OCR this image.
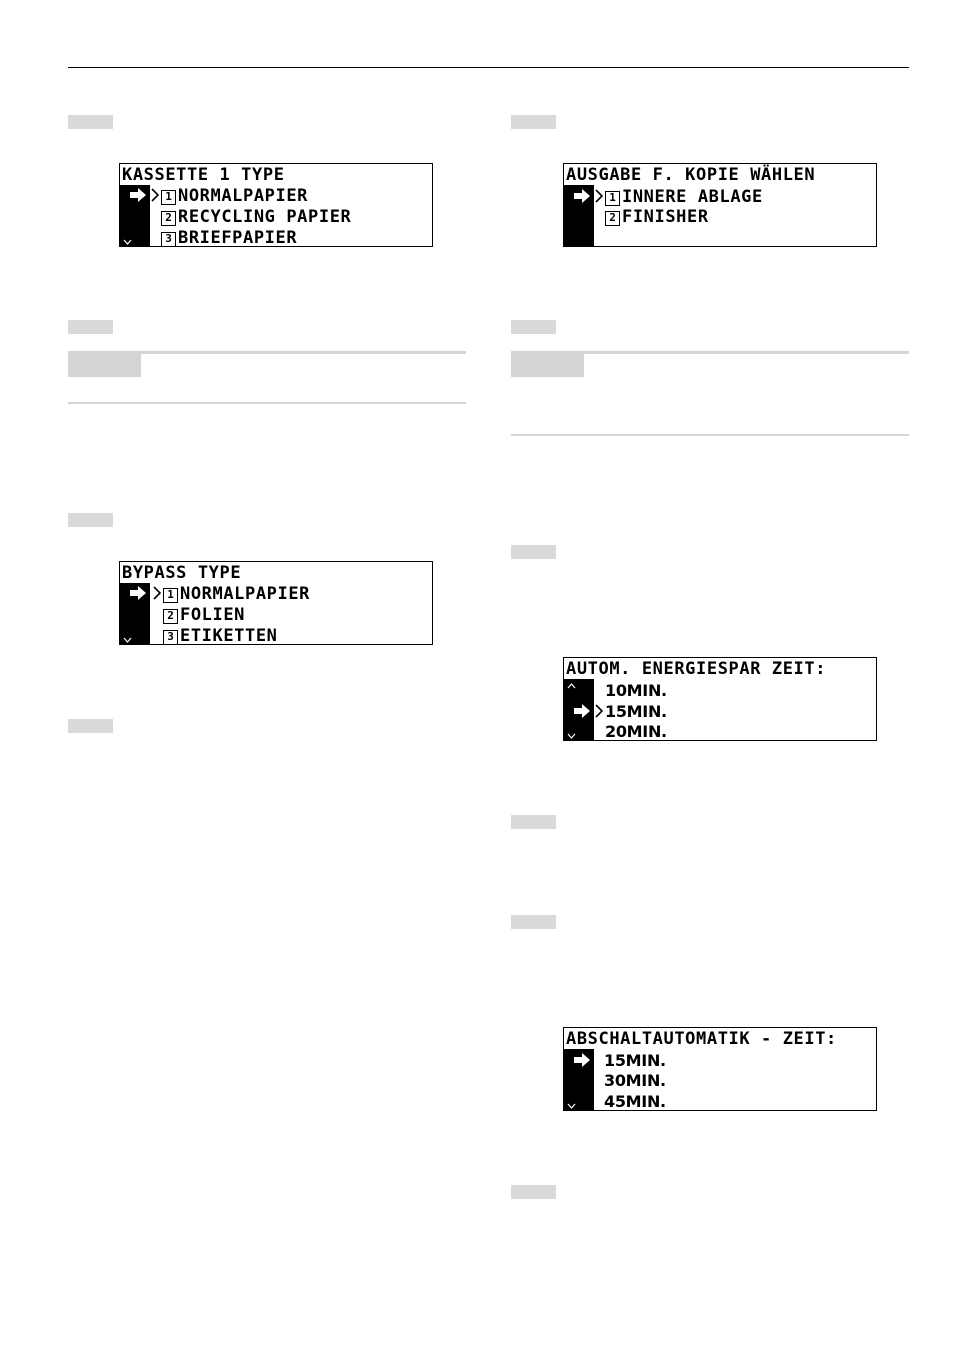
KASSETTE 1 TYPE
1 NORMALPAPIER
2 RECYCLING PAPIER
3 BRIEFPAPIER
BYPASS TYPE
1 NORMALPAPIER
2 FOLIEN
3 ETIKETTEN
AUSGABE F. KOPIE WÄHLEN
1 INNERE ABLAGE
2 FINISHER
AUTOM. ENERGIESPAR ZEIT:
10MIN.
15MIN.
20MIN.
ABSCHALTAUTOMATIK - ZEIT:
15MIN.
30MIN.
45MIN.
